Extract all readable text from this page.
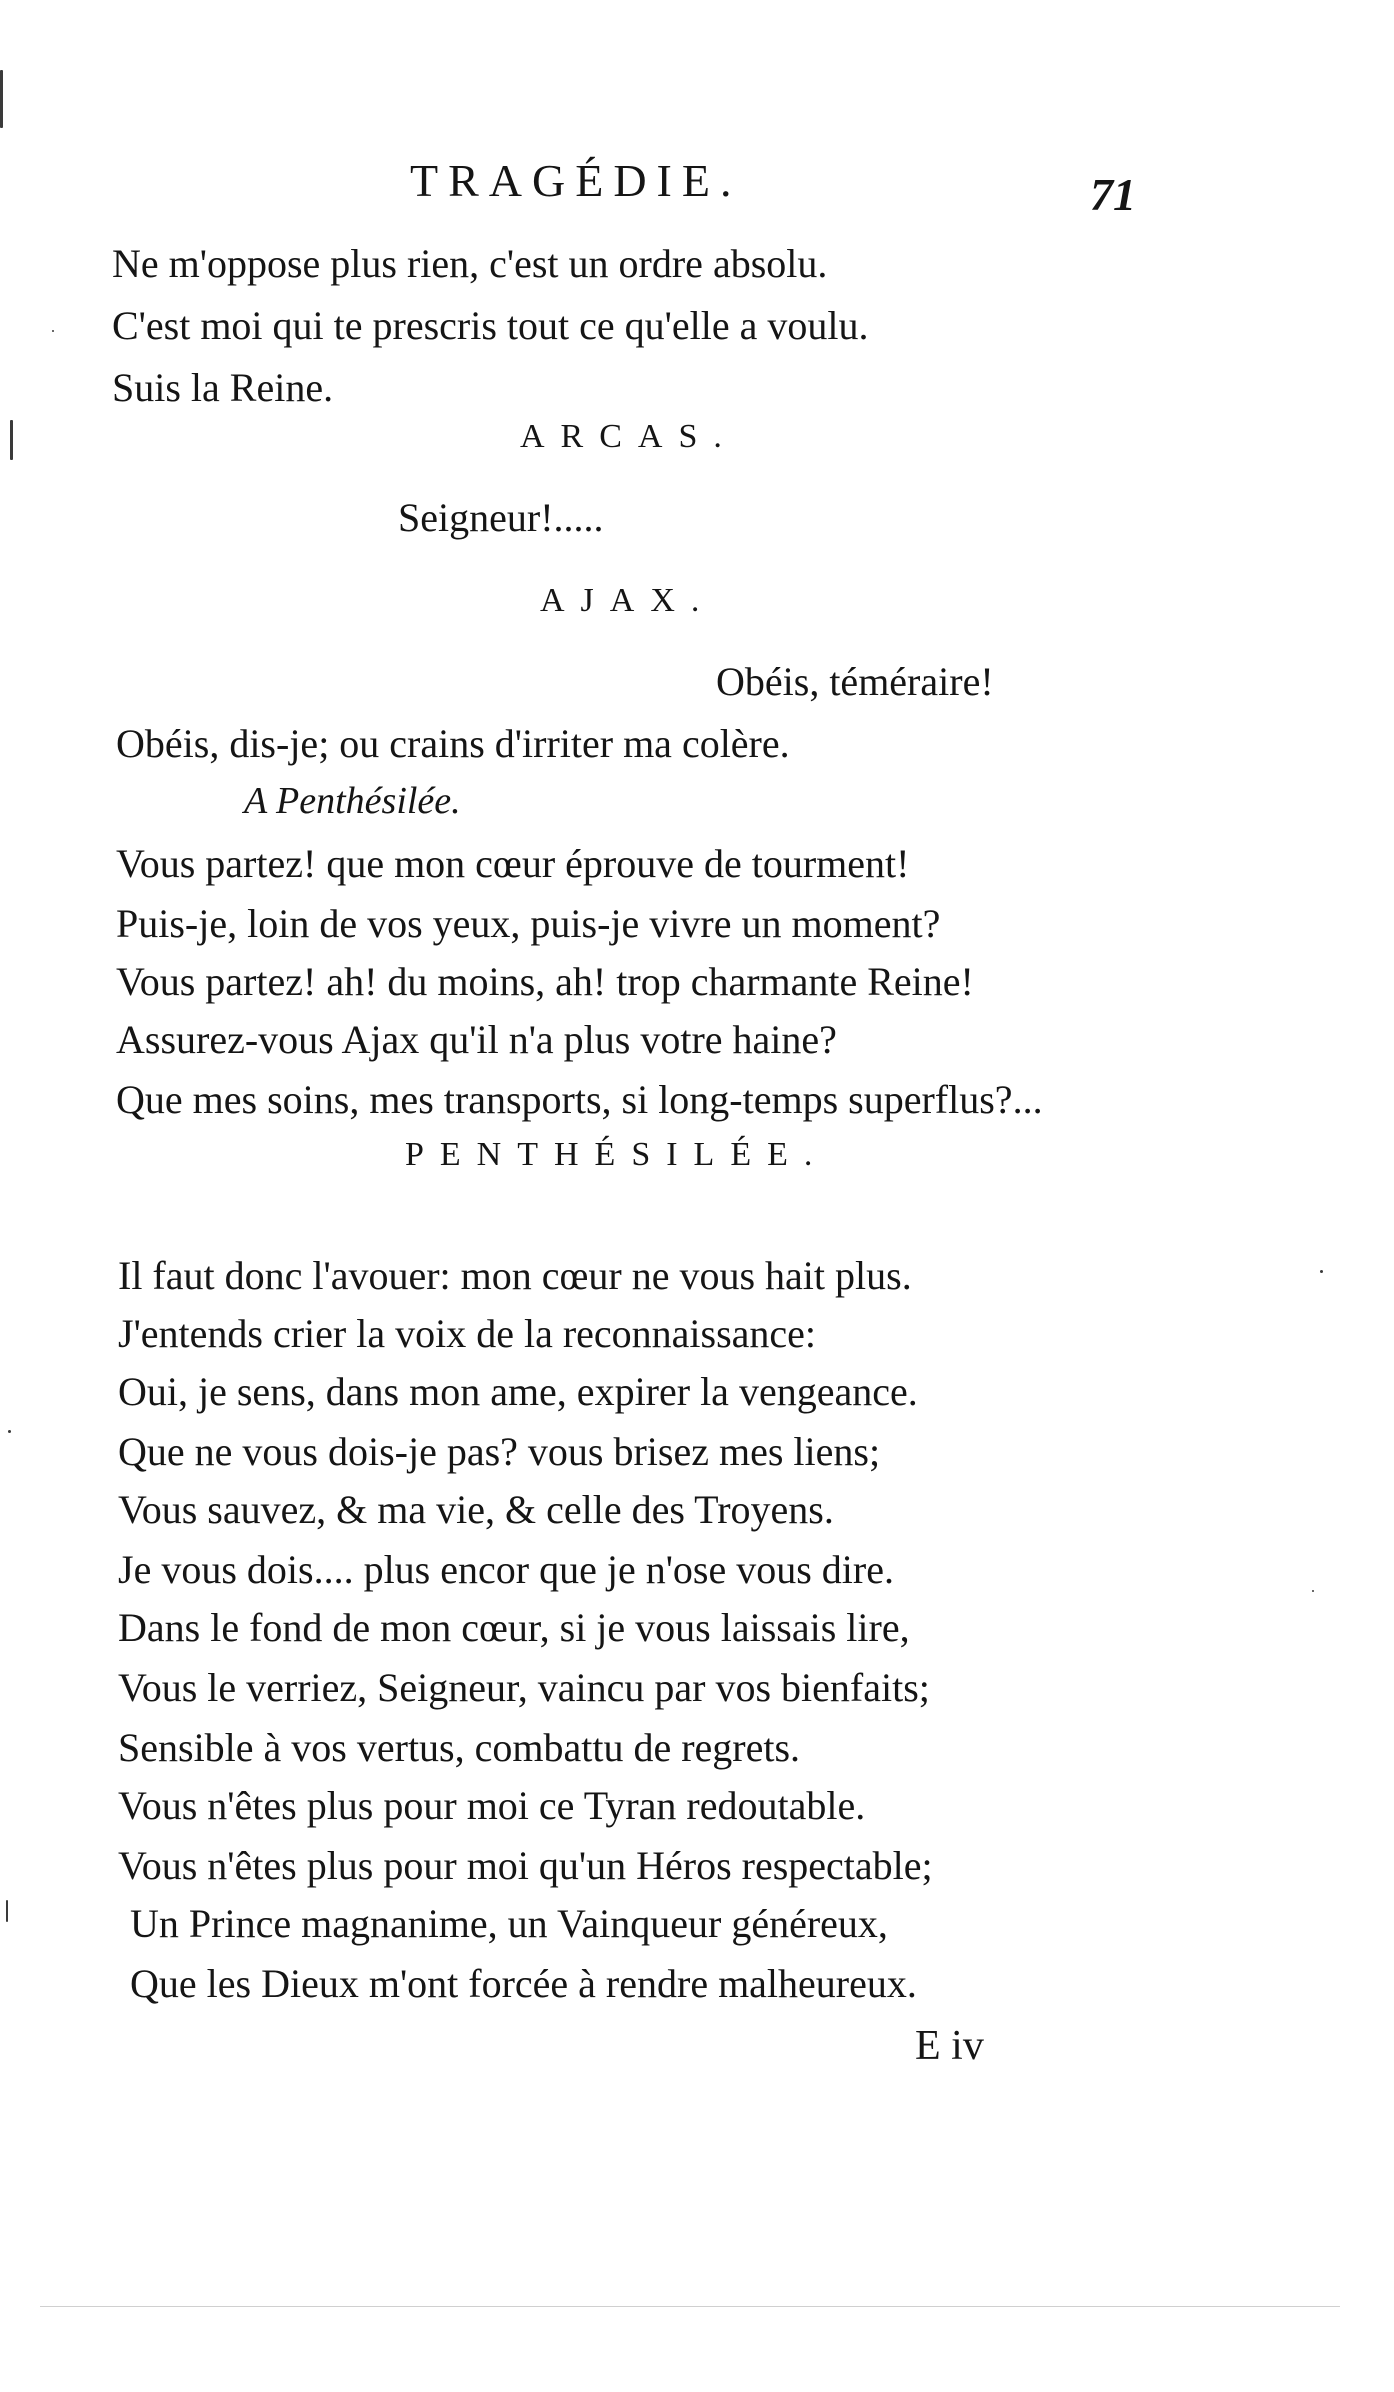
TRAGÉDIE.	71
Ne m'oppose plus rien, c'est un ordre absolu.
C'est moi qui te prescris tout ce qu'elle a voulu.
Suis la Reine.
ARCAS.
Seigneur!.....
AJAX.
Obéis, téméraire!
Obéis, dis-je; ou crains d'irriter ma colère.
A Penthésilée.
Vous partez! que mon cœur éprouve de tourment!
Puis-je, loin de vos yeux, puis-je vivre un moment?
Vous partez! ah! du moins, ah! trop charmante Reine!
Assurez-vous Ajax qu'il n'a plus votre haine?
Que mes soins, mes transports, si long-temps superflus?...
PENTHÉSILÉE.
Il faut donc l'avouer: mon cœur ne vous hait plus.
J'entends crier la voix de la reconnaissance:
Oui, je sens, dans mon ame, expirer la vengeance.
Que ne vous dois-je pas? vous brisez mes liens;
Vous sauvez, & ma vie, & celle des Troyens.
Je vous dois.... plus encor que je n'ose vous dire.
Dans le fond de mon cœur, si je vous laissais lire,
Vous le verriez, Seigneur, vaincu par vos bienfaits;
Sensible à vos vertus, combattu de regrets.
Vous n'êtes plus pour moi ce Tyran redoutable.
Vous n'êtes plus pour moi qu'un Héros respectable;
Un Prince magnanime, un Vainqueur généreux,
Que les Dieux m'ont forcée à rendre malheureux.
E iv
